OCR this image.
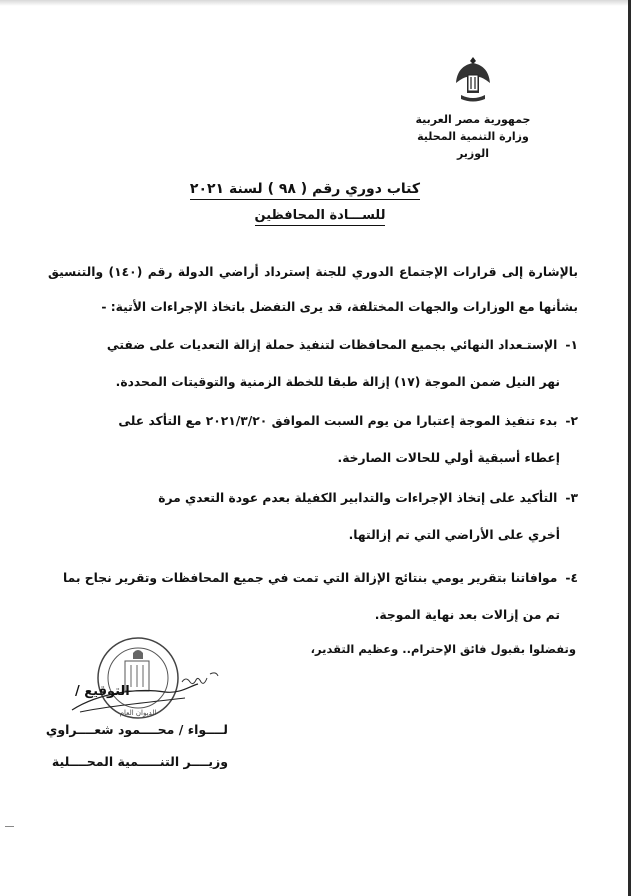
جمهورية مصر العربية
وزارة التنمية المحلية
الوزير
كتاب دوري رقم ( ٩٨ ) لسنة ٢٠٢١
للســـادة المحافظين
بالإشارة إلى قرارات الإجتماع الدوري للجنة إسترداد أراضي الدولة رقم (١٤٠) والتنسيق بشأنها مع الوزارات والجهات المختلفة، قد يرى التفضل باتخاذ الإجراءات الأتية: -
١-الإستـعداد النهائي بجميع المحافظات لتنفيذ حملة إزالة التعديات على ضفتي
نهر النيل ضمن الموجة (١٧) إزالة طبقا للخطة الزمنية والتوقيتات المحددة.
٢-بدء تنفيذ الموجة إعتبارا من يوم السبت الموافق ٢٠٢١/٣/٢٠ مع التأكد على
إعطاء أسبقية أولي للحالات الصارخة.
٣-التأكيد على إتخاذ الإجراءات والتدابير الكفيلة بعدم عودة التعدي مرة
أخري على الأراضي التي تم إزالتها.
٤-موافاتنا بتقرير يومي بنتائج الإزالة التي تمت في جميع المحافظات وتقرير نجاح بما
تم من إزالات بعد نهاية الموجة.
وتفضلوا بقبول فائق الإحترام.. وعظيم التقدير،
الديوان العام
التوقيع /
لــــواء / محــــمود شعــــراوي
وزيــــر التنـــــمية المحــــلية
